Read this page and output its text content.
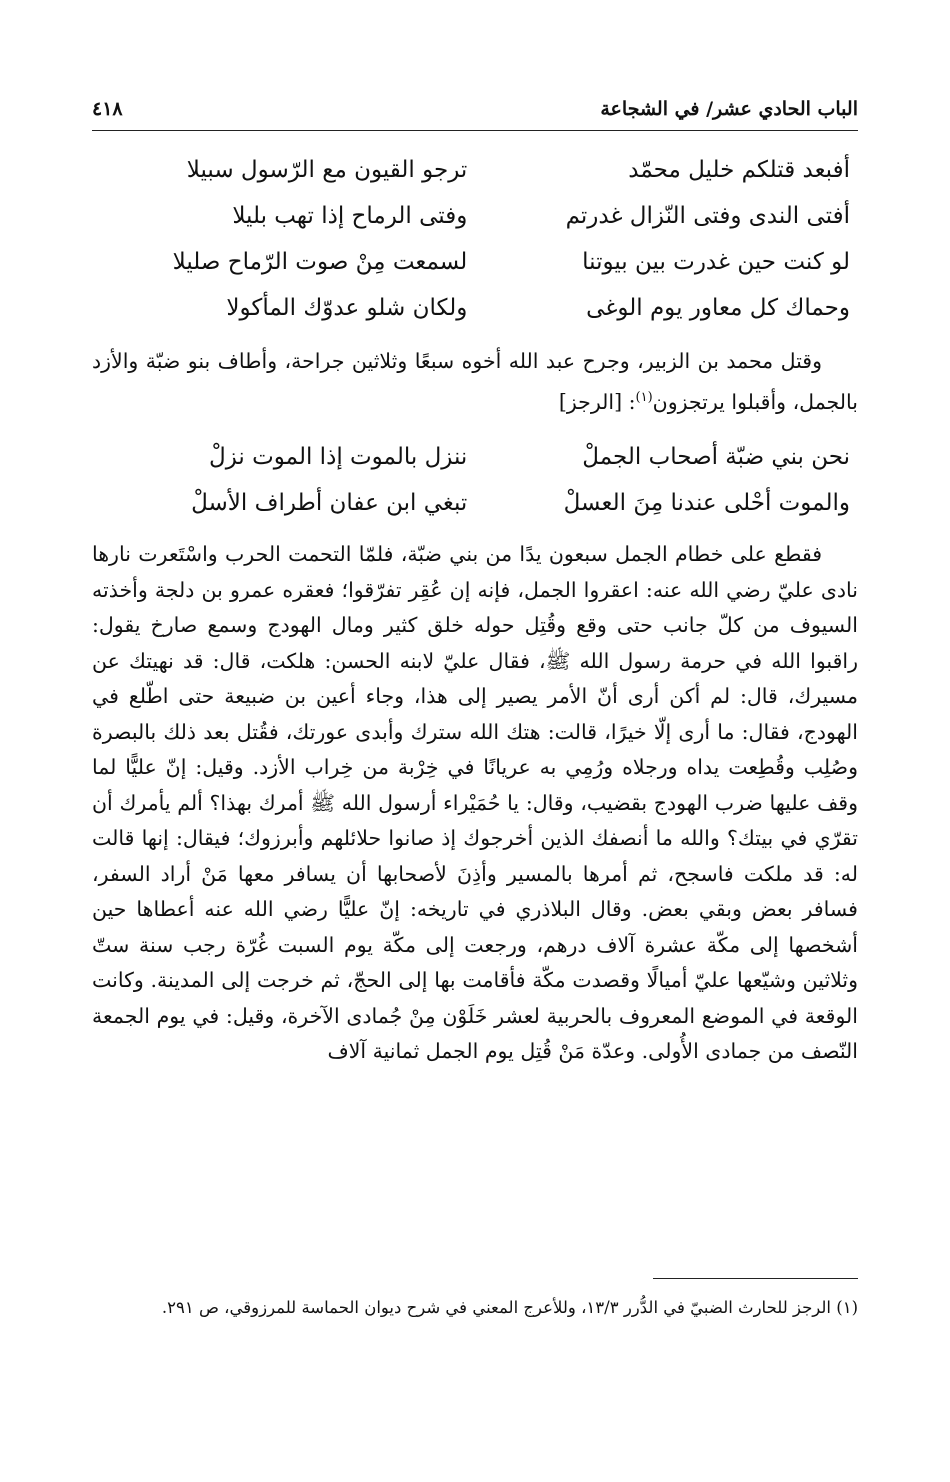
الباب الحادي عشر/ في الشجاعة
٤١٨
أفبعد قتلكم خليل محمّد
ترجو القيون مع الرّسول سبيلا
أفتى الندى وفتى النّزال غدرتم
وفتى الرماح إذا تهب بليلا
لو كنت حين غدرت بين بيوتنا
لسمعت مِنْ صوت الرّماح صليلا
وحماك كل معاور يوم الوغى
ولكان شلو عدوّك المأكولا

وقتل محمد بن الزبير، وجرح عبد الله أخوه سبعًا وثلاثين جراحة، وأطاف بنو ضبّة والأزد بالجمل، وأقبلوا يرتجزون$^{(١)}$: [الرجز]

نحن بني ضبّة أصحاب الجملْ
ننزل بالموت إذا الموت نزلْ
والموت أحْلى عندنا مِنَ العسلْ
تبغي ابن عفان أطراف الأسلْ

فقطع على خطام الجمل سبعون يدًا من بني ضبّة، فلمّا التحمت الحرب واسْتَعرت نارها نادى عليّ رضي الله عنه: اعقروا الجمل، فإنه إن عُقِر تفرّقوا؛ فعقره عمرو بن دلجة وأخذته السيوف من كلّ جانب حتى وقع وقُتِل حوله خلق كثير ومال الهودج وسمع صارخ يقول: راقبوا الله في حرمة رسول الله ﷺ، فقال عليّ لابنه الحسن: هلكت، قال: قد نهيتك عن مسيرك، قال: لم أكن أرى أنّ الأمر يصير إلى هذا، وجاء أعين بن ضبيعة حتى اطّلع في الهودج، فقال: ما أرى إلّا خيرًا، قالت: هتك الله سترك وأبدى عورتك، فقُتل بعد ذلك بالبصرة وصُلِب وقُطِعت يداه ورجلاه ورُمِي به عريانًا في خِرْبة من خِراب الأزد. وقيل: إنّ عليًّا لما وقف عليها ضرب الهودج بقضيب، وقال: يا حُمَيْراء أرسول الله ﷺ أمرك بهذا؟ ألم يأمرك أن تقرّي في بيتك؟ والله ما أنصفك الذين أخرجوك إذ صانوا حلائلهم وأبرزوك؛ فيقال: إنها قالت له: قد ملكت فاسجح، ثم أمرها بالمسير وأذِنَ لأصحابها أن يسافر معها مَنْ أراد السفر، فسافر بعض وبقي بعض. وقال البلاذري في تاريخه: إنّ عليًّا رضي الله عنه أعطاها حين أشخصها إلى مكّة عشرة آلاف درهم، ورجعت إلى مكّة يوم السبت غُرّة رجب سنة ستّ وثلاثين وشيّعها عليّ أميالًا وقصدت مكّة فأقامت بها إلى الحجّ، ثم خرجت إلى المدينة. وكانت الوقعة في الموضع المعروف بالحربية لعشر خَلَوْن مِنْ جُمادى الآخرة، وقيل: في يوم الجمعة النّصف من جمادى الأُولى. وعدّة مَنْ قُتِل يوم الجمل ثمانية آلاف

(١) الرجز للحارث الضبيّ في الدُّرر ١٣/٣، وللأعرج المعني في شرح ديوان الحماسة للمرزوقي، ص ٢٩١.
